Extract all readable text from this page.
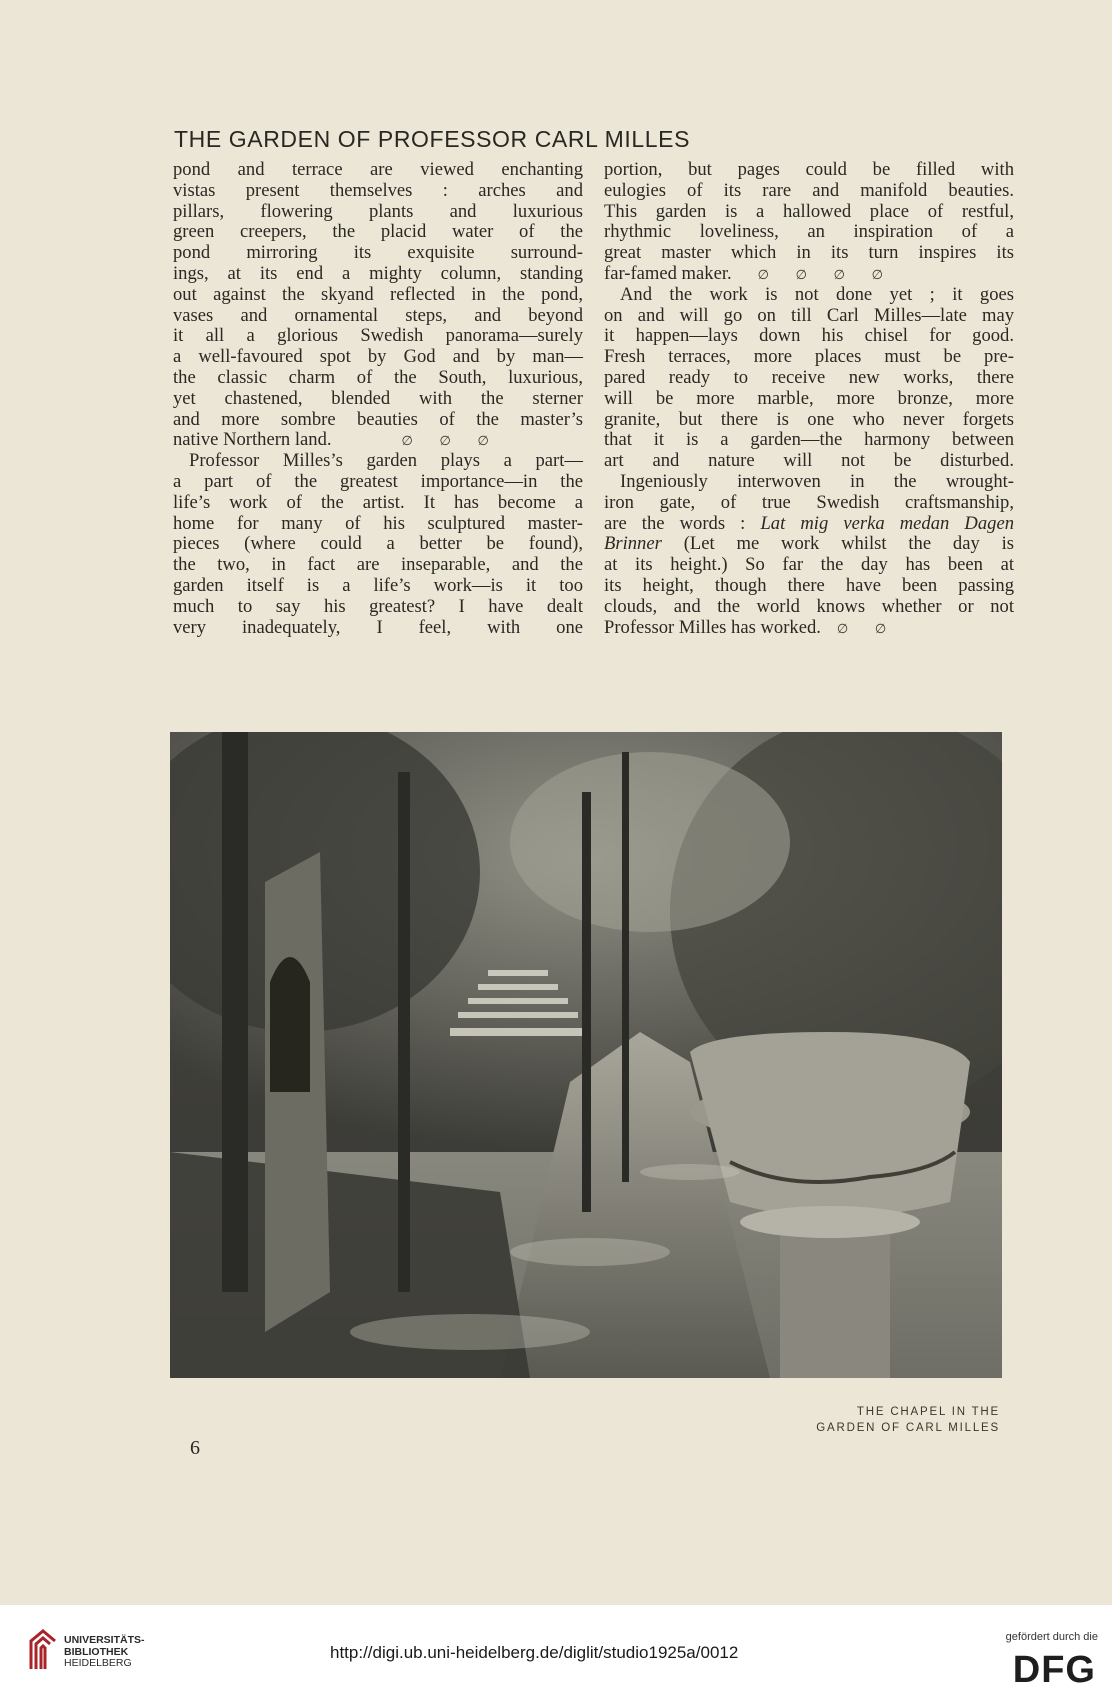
THE GARDEN OF PROFESSOR CARL MILLES
pond and terrace are viewed enchanting
vistas present themselves : arches and
pillars, flowering plants and luxurious
green creepers, the placid water of the
pond mirroring its exquisite surround-
ings, at its end a mighty column, standing
out against the skyand reflected in the pond,
vases and ornamental steps, and beyond
it all a glorious Swedish panorama—surely
a well-favoured spot by God and by man—
the classic charm of the South, luxurious,
yet chastened, blended with the sterner
and more sombre beauties of the master’s
native Northern land.	∅ ∅ ∅
Professor Milles’s garden plays a part—
a part of the greatest importance—in the
life’s work of the artist. It has become a
home for many of his sculptured master-
pieces (where could a better be found),
the two, in fact are inseparable, and the
garden itself is a life’s work—is it too
much to say his greatest? I have dealt
very inadequately, I feel, with one
portion, but pages could be filled with
eulogies of its rare and manifold beauties.
This garden is a hallowed place of restful,
rhythmic loveliness, an inspiration of a
great master which in its turn inspires its
far-famed maker. ∅ ∅ ∅ ∅
And the work is not done yet ; it goes
on and will go on till Carl Milles—late may
it happen—lays down his chisel for good.
Fresh terraces, more places must be pre-
pared ready to receive new works, there
will be more marble, more bronze, more
granite, but there is one who never forgets
that it is a garden—the harmony between
art and nature will not be disturbed.
Ingeniously interwoven in the wrought-
iron gate, of true Swedish craftsmanship,
are the words : Lat mig verka medan Dagen
Brinner (Let me work whilst the day is
at its height.) So far the day has been at
its height, though there have been passing
clouds, and the world knows whether or not
Professor Milles has worked. ∅ ∅
THE CHAPEL IN THE
GARDEN OF CARL MILLES
6
UNIVERSITÄTS-
BIBLIOTHEK
HEIDELBERG
http://digi.ub.uni-heidelberg.de/diglit/studio1925a/0012
gefördert durch die
DFG
